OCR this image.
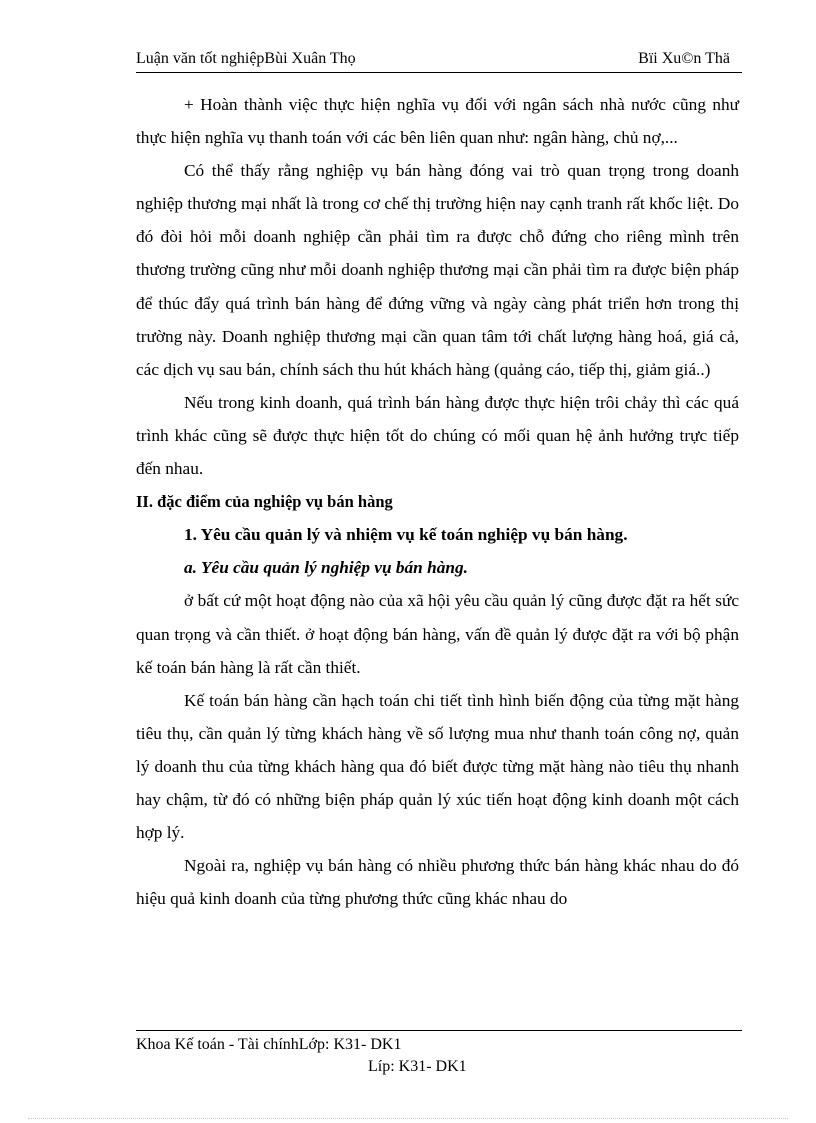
Luận văn tốt nghiệpBùi Xuân Thọ	Bïi Xu©n Thä

+ Hoàn thành việc thực hiện nghĩa vụ đối với ngân sách nhà nước cũng như thực hiện nghĩa vụ thanh toán với các bên liên quan như: ngân hàng, chủ nợ,...

Có thể thấy rằng nghiệp vụ bán hàng đóng vai trò quan trọng trong doanh nghiệp thương mại nhất là trong cơ chế thị trường hiện nay cạnh tranh rất khốc liệt. Do đó đòi hỏi mỗi doanh nghiệp cần phải tìm ra được chỗ đứng cho riêng mình trên thương trường cũng như mỗi doanh nghiệp thương mại cần phải tìm ra được biện pháp để thúc đẩy quá trình bán hàng để đứng vững và ngày càng phát triển hơn trong thị trường này. Doanh nghiệp thương mại cần quan tâm tới chất lượng hàng hoá, giá cả, các dịch vụ sau bán, chính sách thu hút khách hàng (quảng cáo, tiếp thị, giảm giá..)

Nếu trong kinh doanh, quá trình bán hàng được thực hiện trôi chảy thì các quá trình khác cũng sẽ được thực hiện tốt do chúng có mối quan hệ ảnh hưởng trực tiếp đến nhau.

II. đặc điểm của nghiệp vụ bán hàng

1. Yêu cầu quản lý và nhiệm vụ kế toán nghiệp vụ bán hàng.

a. Yêu cầu quản lý nghiệp vụ bán hàng.

ở bất cứ một hoạt động nào của xã hội yêu cầu quản lý cũng được đặt ra hết sức quan trọng và cần thiết. ở hoạt động bán hàng, vấn đề quản lý được đặt ra với bộ phận kế toán bán hàng là rất cần thiết.

Kế toán bán hàng cần hạch toán chi tiết tình hình biến động của từng mặt hàng tiêu thụ, cần quản lý từng khách hàng về số lượng mua như thanh toán công nợ, quản lý doanh thu của từng khách hàng qua đó biết được từng mặt hàng nào tiêu thụ nhanh hay chậm, từ đó có những biện pháp quản lý xúc tiến hoạt động kinh doanh một cách hợp lý.

Ngoài ra, nghiệp vụ bán hàng có nhiều phương thức bán hàng khác nhau do đó hiệu quả kinh doanh của từng phương thức cũng khác nhau do

Khoa Kế toán - Tài chínhLớp: K31- DK1
Líp: K31- DK1
